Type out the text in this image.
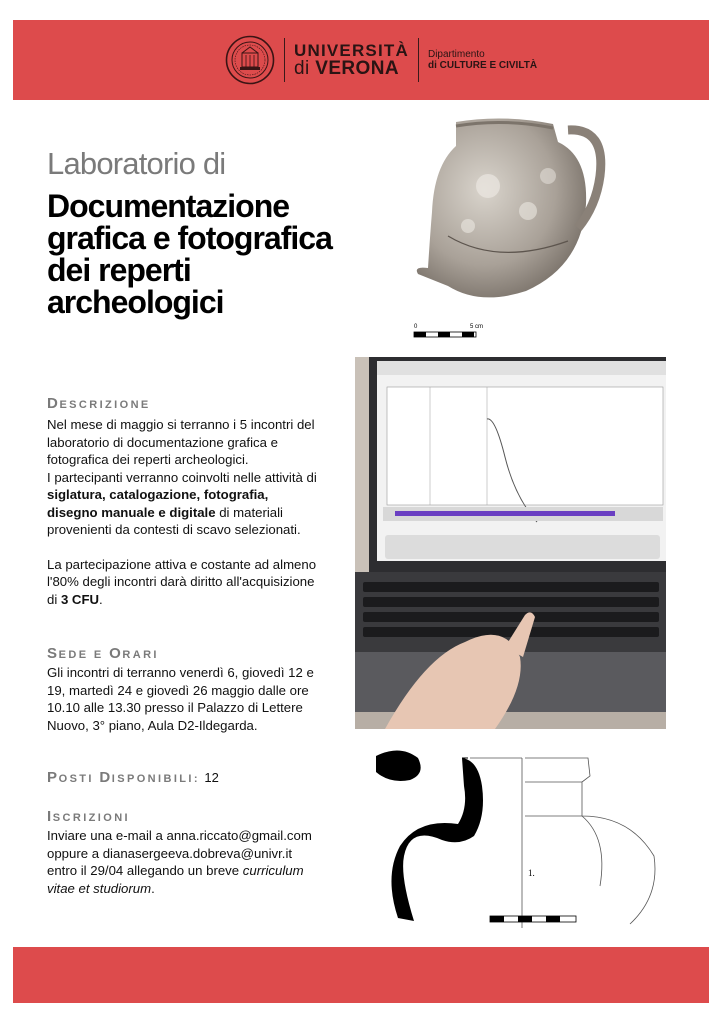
UNIVERSITÀ
di VERONA
Dipartimento
di CULTURE E CIVILTÀ
Laboratorio di
Documentazione grafica e fotografica dei reperti archeologici
DESCRIZIONE

Nel mese di maggio si terranno i 5 incontri del laboratorio di documentazione grafica e fotografica dei reperti archeologici.
I partecipanti verranno coinvolti nelle attività di siglatura, catalogazione, fotografia, disegno manuale e digitale di materiali provenienti da contesti di scavo selezionati.

La partecipazione attiva e costante ad almeno l'80% degli incontri darà diritto all'acquisizione di 3 CFU.

SEDE E ORARI

Gli incontri di terranno venerdì 6, giovedì 12 e 19, martedì 24 e giovedì 26 maggio dalle ore 10.10 alle 13.30 presso il Palazzo di Lettere Nuovo, 3° piano, Aula D2-Ildegarda.

POSTI DISPONIBILI: 12
ISCRIZIONI

Inviare una e-mail a anna.riccato@gmail.com oppure a dianasergeeva.dobreva@univr.it entro il 29/04 allegando un breve curriculum vitae et studiorum.

0	5 cm
1.
